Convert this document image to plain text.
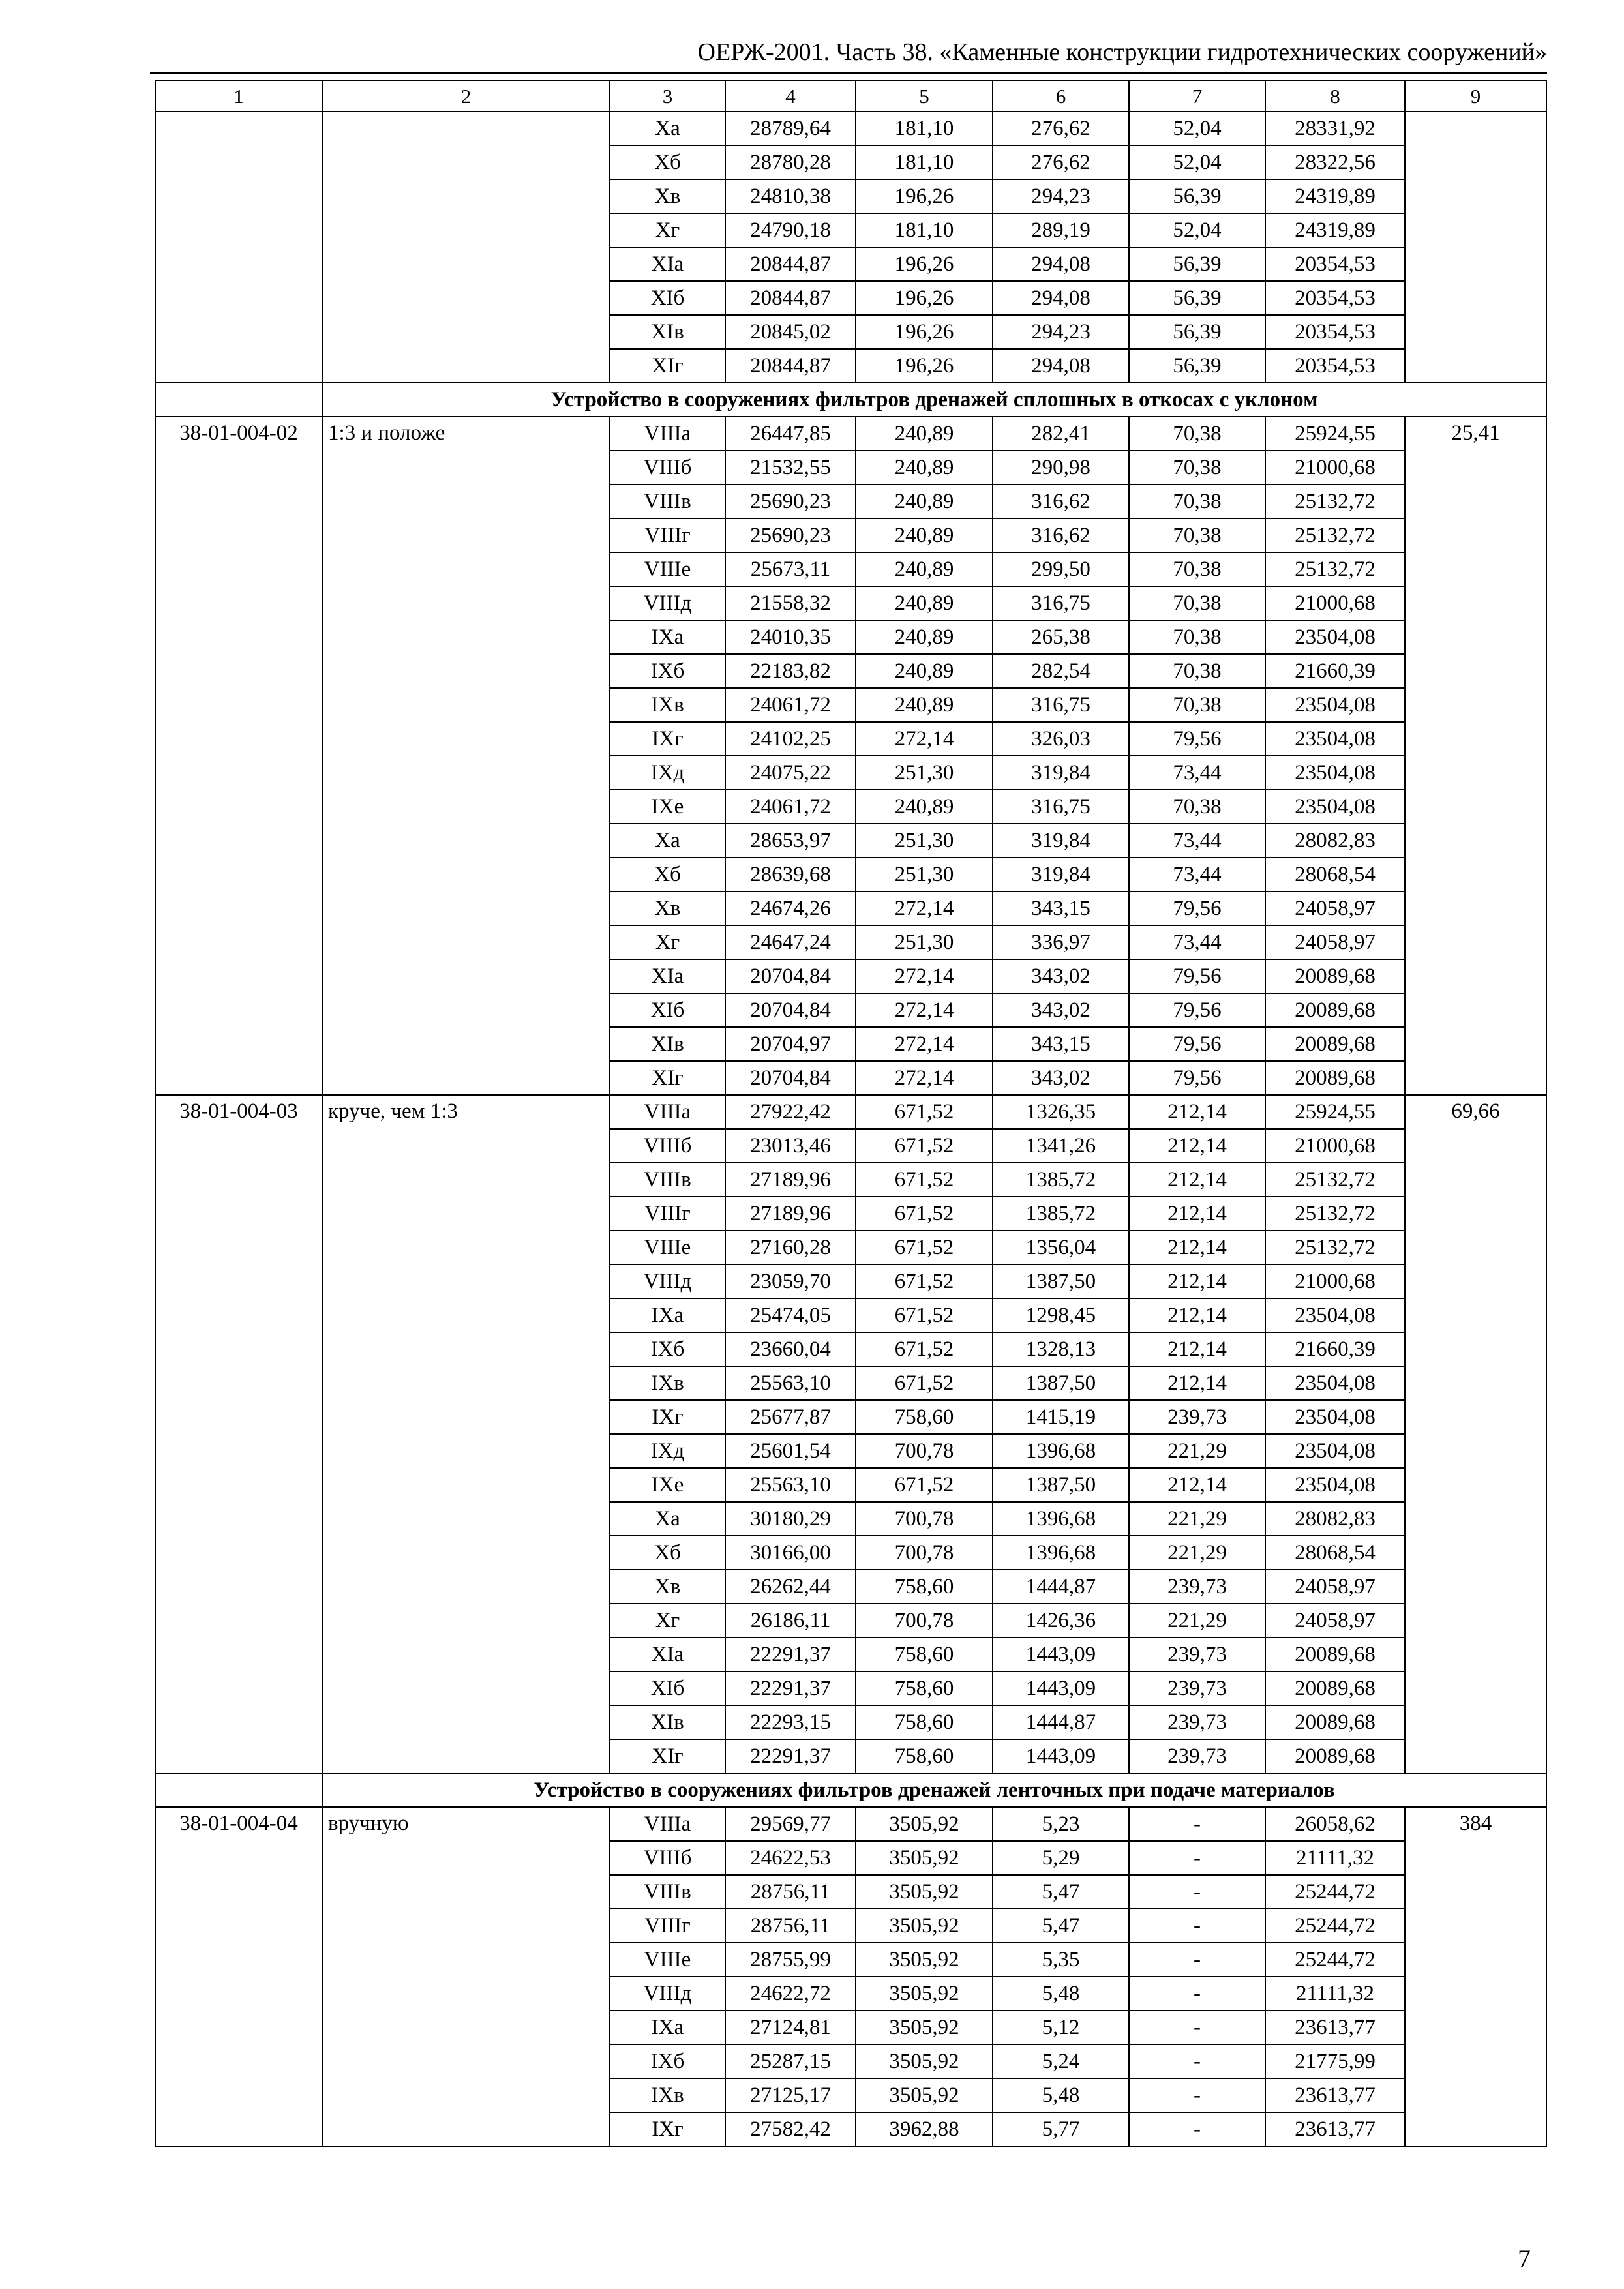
ОЕРЖ-2001. Часть 38. «Каменные конструкции гидротехнических сооружений»
1	2	3	4	5	6	7	8	9
		Xa	28789,64	181,10	276,62	52,04	28331,92	
		Xб	28780,28	181,10	276,62	52,04	28322,56	
		Xв	24810,38	196,26	294,23	56,39	24319,89	
		Xг	24790,18	181,10	289,19	52,04	24319,89	
		XIa	20844,87	196,26	294,08	56,39	20354,53	
		XIб	20844,87	196,26	294,08	56,39	20354,53	
		XIв	20845,02	196,26	294,23	56,39	20354,53	
		XIг	20844,87	196,26	294,08	56,39	20354,53	
	Устройство в сооружениях фильтров дренажей сплошных в откосах с уклоном							
38-01-004-02	1:3 и положе	VIIIa	26447,85	240,89	282,41	70,38	25924,55	25,41
		VIIIб	21532,55	240,89	290,98	70,38	21000,68	
		VIIIв	25690,23	240,89	316,62	70,38	25132,72	
		VIIIг	25690,23	240,89	316,62	70,38	25132,72	
		VIIIe	25673,11	240,89	299,50	70,38	25132,72	
		VIIIд	21558,32	240,89	316,75	70,38	21000,68	
		IXa	24010,35	240,89	265,38	70,38	23504,08	
		IXб	22183,82	240,89	282,54	70,38	21660,39	
		IXв	24061,72	240,89	316,75	70,38	23504,08	
		IXг	24102,25	272,14	326,03	79,56	23504,08	
		IXд	24075,22	251,30	319,84	73,44	23504,08	
		IXe	24061,72	240,89	316,75	70,38	23504,08	
		Xa	28653,97	251,30	319,84	73,44	28082,83	
		Xб	28639,68	251,30	319,84	73,44	28068,54	
		Xв	24674,26	272,14	343,15	79,56	24058,97	
		Xг	24647,24	251,30	336,97	73,44	24058,97	
		XIa	20704,84	272,14	343,02	79,56	20089,68	
		XIб	20704,84	272,14	343,02	79,56	20089,68	
		XIв	20704,97	272,14	343,15	79,56	20089,68	
		XIг	20704,84	272,14	343,02	79,56	20089,68	
38-01-004-03	круче, чем 1:3	VIIIa	27922,42	671,52	1326,35	212,14	25924,55	69,66
		VIIIб	23013,46	671,52	1341,26	212,14	21000,68	
		VIIIв	27189,96	671,52	1385,72	212,14	25132,72	
		VIIIг	27189,96	671,52	1385,72	212,14	25132,72	
		VIIIe	27160,28	671,52	1356,04	212,14	25132,72	
		VIIIд	23059,70	671,52	1387,50	212,14	21000,68	
		IXa	25474,05	671,52	1298,45	212,14	23504,08	
		IXб	23660,04	671,52	1328,13	212,14	21660,39	
		IXв	25563,10	671,52	1387,50	212,14	23504,08	
		IXг	25677,87	758,60	1415,19	239,73	23504,08	
		IXд	25601,54	700,78	1396,68	221,29	23504,08	
		IXe	25563,10	671,52	1387,50	212,14	23504,08	
		Xa	30180,29	700,78	1396,68	221,29	28082,83	
		Xб	30166,00	700,78	1396,68	221,29	28068,54	
		Xв	26262,44	758,60	1444,87	239,73	24058,97	
		Xг	26186,11	700,78	1426,36	221,29	24058,97	
		XIa	22291,37	758,60	1443,09	239,73	20089,68	
		XIб	22291,37	758,60	1443,09	239,73	20089,68	
		XIв	22293,15	758,60	1444,87	239,73	20089,68	
		XIг	22291,37	758,60	1443,09	239,73	20089,68	
	Устройство в сооружениях фильтров дренажей ленточных при подаче материалов							
38-01-004-04	вручную	VIIIa	29569,77	3505,92	5,23	-	26058,62	384
		VIIIб	24622,53	3505,92	5,29	-	21111,32	
		VIIIв	28756,11	3505,92	5,47	-	25244,72	
		VIIIг	28756,11	3505,92	5,47	-	25244,72	
		VIIIe	28755,99	3505,92	5,35	-	25244,72	
		VIIIд	24622,72	3505,92	5,48	-	21111,32	
		IXa	27124,81	3505,92	5,12	-	23613,77	
		IXб	25287,15	3505,92	5,24	-	21775,99	
		IXв	27125,17	3505,92	5,48	-	23613,77	
		IXг	27582,42	3962,88	5,77	-	23613,77	
7
